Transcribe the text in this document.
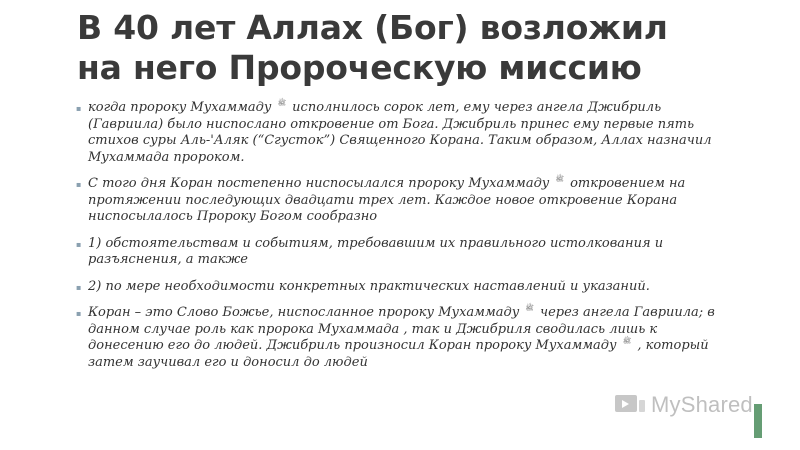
В 40 лет Аллах (Бог) возложил
на него Пророческую миссию
▪ когда пророку Мухаммаду ﷺ исполнилось сорок лет, ему через ангела Джибриль (Гавриила) было ниспослано откровение от Бога. Джибриль принес ему первые пять стихов суры Аль-'Аляк (“Сгусток”) Священного Корана. Таким образом, Аллах назначил Мухаммада пророком.
▪ С того дня Коран постепенно ниспосылался пророку Мухаммаду ﷺ откровением на протяжении последующих двадцати трех лет. Каждое новое откровение Корана ниспосылалось Пророку Богом сообразно
▪ 1) обстоятельствам и событиям, требовавшим их правильного истолкования и разъяснения, а также
▪ 2) по мере необходимости конкретных практических наставлений и указаний.
▪ Коран – это Слово Божье, ниспосланное пророку Мухаммаду ﷺ через ангела Гавриила; в данном случае роль как пророка Мухаммада , так и Джибриля сводилась лишь к донесению его до людей. Джибриль произносил Коран пророку Мухаммаду ﷺ , который затем заучивал его и доносил до людей
MyShared
